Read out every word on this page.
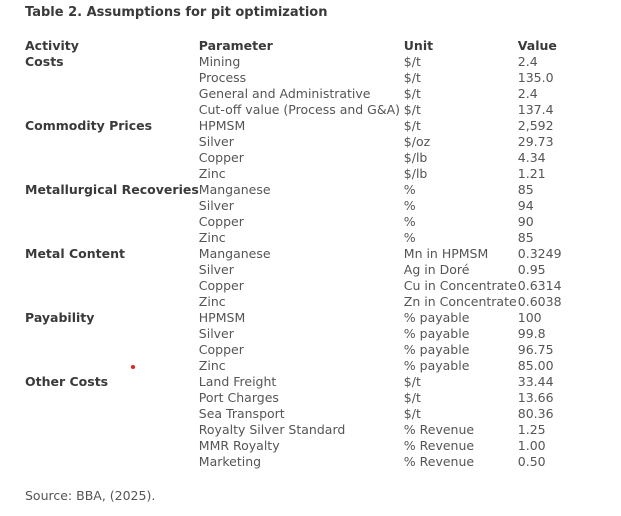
Table 2. Assumptions for pit optimization
Activity	Parameter	Unit	Value
Costs	Mining	$/t	2.4
	Process	$/t	135.0
	General and Administrative	$/t	2.4
	Cut-off value (Process and G&A)	$/t	137.4
Commodity Prices	HPMSM	$/t	2,592
	Silver	$/oz	29.73
	Copper	$/lb	4.34
	Zinc	$/lb	1.21
Metallurgical Recoveries	Manganese	%	85
	Silver	%	94
	Copper	%	90
	Zinc	%	85
Metal Content	Manganese	Mn in HPMSM	0.3249
	Silver	Ag in Doré	0.95
	Copper	Cu in Concentrate	0.6314
	Zinc	Zn in Concentrate	0.6038
Payability	HPMSM	% payable	100
	Silver	% payable	99.8
	Copper	% payable	96.75
	Zinc	% payable	85.00
Other Costs	Land Freight	$/t	33.44
	Port Charges	$/t	13.66
	Sea Transport	$/t	80.36
	Royalty Silver Standard	% Revenue	1.25
	MMR Royalty	% Revenue	1.00
	Marketing	% Revenue	0.50
Source: BBA, (2025).
